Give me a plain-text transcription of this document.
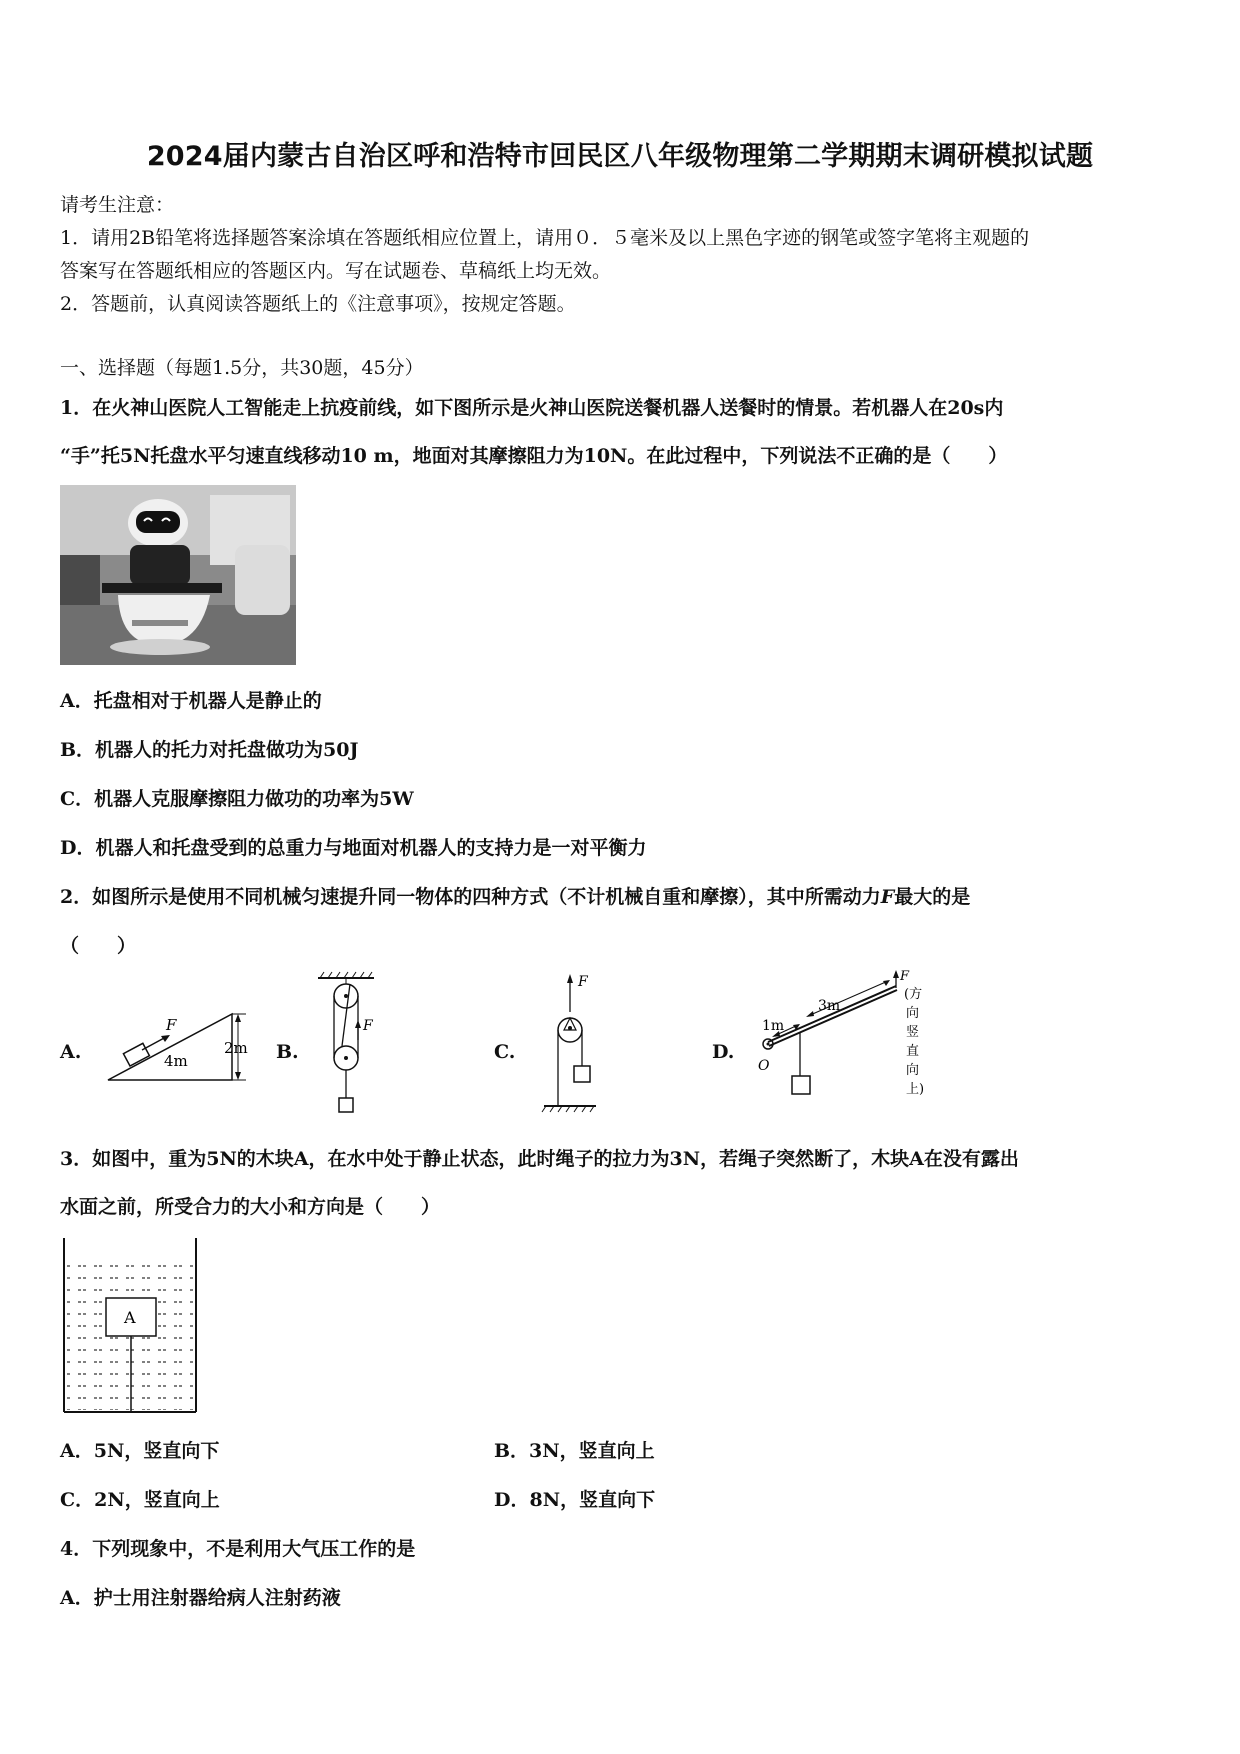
2024届内蒙古自治区呼和浩特市回民区八年级物理第二学期期末调研模拟试题
请考生注意：
1．请用2B铅笔将选择题答案涂填在答题纸相应位置上，请用０．５毫米及以上黑色字迹的钢笔或签字笔将主观题的
答案写在答题纸相应的答题区内。写在试题卷、草稿纸上均无效。
2．答题前，认真阅读答题纸上的《注意事项》，按规定答题。
一、选择题（每题1.5分，共30题，45分）
1．在火神山医院人工智能走上抗疫前线，如下图所示是火神山医院送餐机器人送餐时的情景。若机器人在20s内
“手”托5N托盘水平匀速直线移动10 m，地面对其摩擦阻力为10N。在此过程中，下列说法不正确的是（　　）
A．托盘相对于机器人是静止的
B．机器人的托力对托盘做功为50J
C．机器人克服摩擦阻力做功的功率为5W
D．机器人和托盘受到的总重力与地面对机器人的支持力是一对平衡力
2．如图所示是使用不同机械匀速提升同一物体的四种方式（不计机械自重和摩擦），其中所需动力F最大的是
（　　）
A.	B.	C.	D.
F
4m
2m
F
F
O
1m
3m
F
(方
向
竖
直
向
上)
3．如图中，重为5N的木块A，在水中处于静止状态，此时绳子的拉力为3N，若绳子突然断了，木块A在没有露出
水面之前，所受合力的大小和方向是（　　）
A
A．5N，竖直向下	B．3N，竖直向上
C．2N，竖直向上	D．8N，竖直向下
4．下列现象中，不是利用大气压工作的是
A．护士用注射器给病人注射药液
